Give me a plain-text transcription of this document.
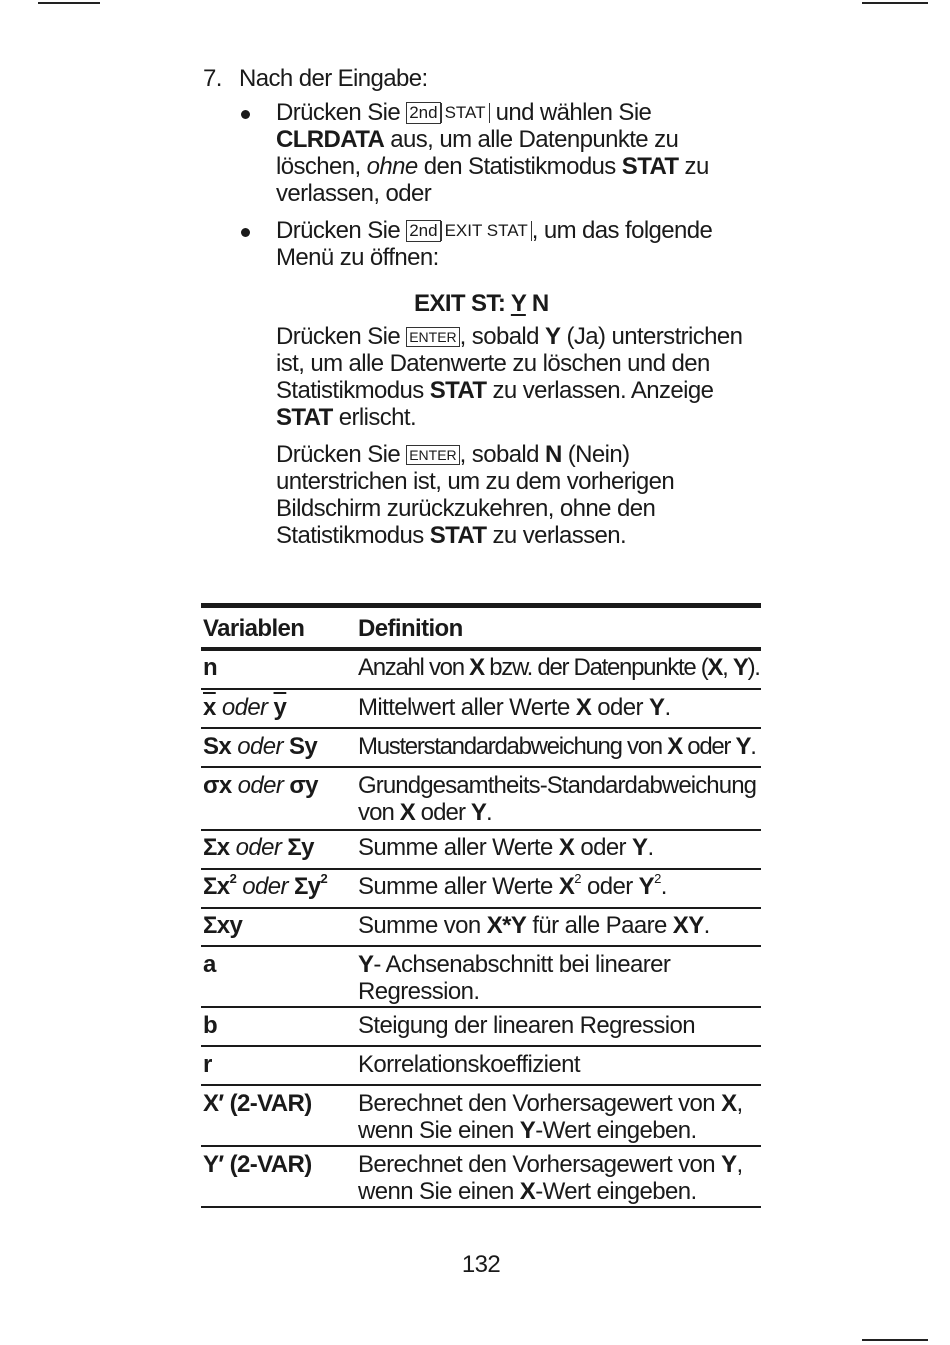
7. Nach der Eingabe:
Drücken Sie 2nd STAT und wählen Sie CLRDATA aus, um alle Datenpunkte zu löschen, ohne den Statistikmodus STAT zu verlassen, oder
Drücken Sie 2nd EXIT STAT , um das folgende Menü zu öffnen:
EXIT ST: Y N
Drücken Sie ENTER , sobald Y (Ja) unterstrichen ist, um alle Datenwerte zu löschen und den Statistikmodus STAT zu verlassen. Anzeige STAT erlischt.
Drücken Sie ENTER , sobald N (Nein) unterstrichen ist, um zu dem vorherigen Bildschirm zurückzukehren, ohne den Statistikmodus STAT zu verlassen.
Variablen	Definition
n	Anzahl von X bzw. der Datenpunkte (X, Y).
$\overline{x}$ oder $\overline{y}$	Mittelwert aller Werte X oder Y.
Sx oder Sy	Musterstandardabweichung von X oder Y.
σx oder σy	Grundgesamtheits-Standardabweichung von X oder Y.
Σx oder Σy	Summe aller Werte X oder Y.
$\Sigma x^2$ oder $\Sigma y^2$	Summe aller Werte $X^2$ oder $Y^2$.
Σxy	Summe von X*Y für alle Paare XY.
a	Y- Achsenabschnitt bei linearer Regression.
b	Steigung der linearen Regression
r	Korrelationskoeffizient
X′ (2-VAR)	Berechnet den Vorhersagewert von X, wenn Sie einen Y-Wert eingeben.
Y′ (2-VAR)	Berechnet den Vorhersagewert von Y, wenn Sie einen X-Wert eingeben.
132
